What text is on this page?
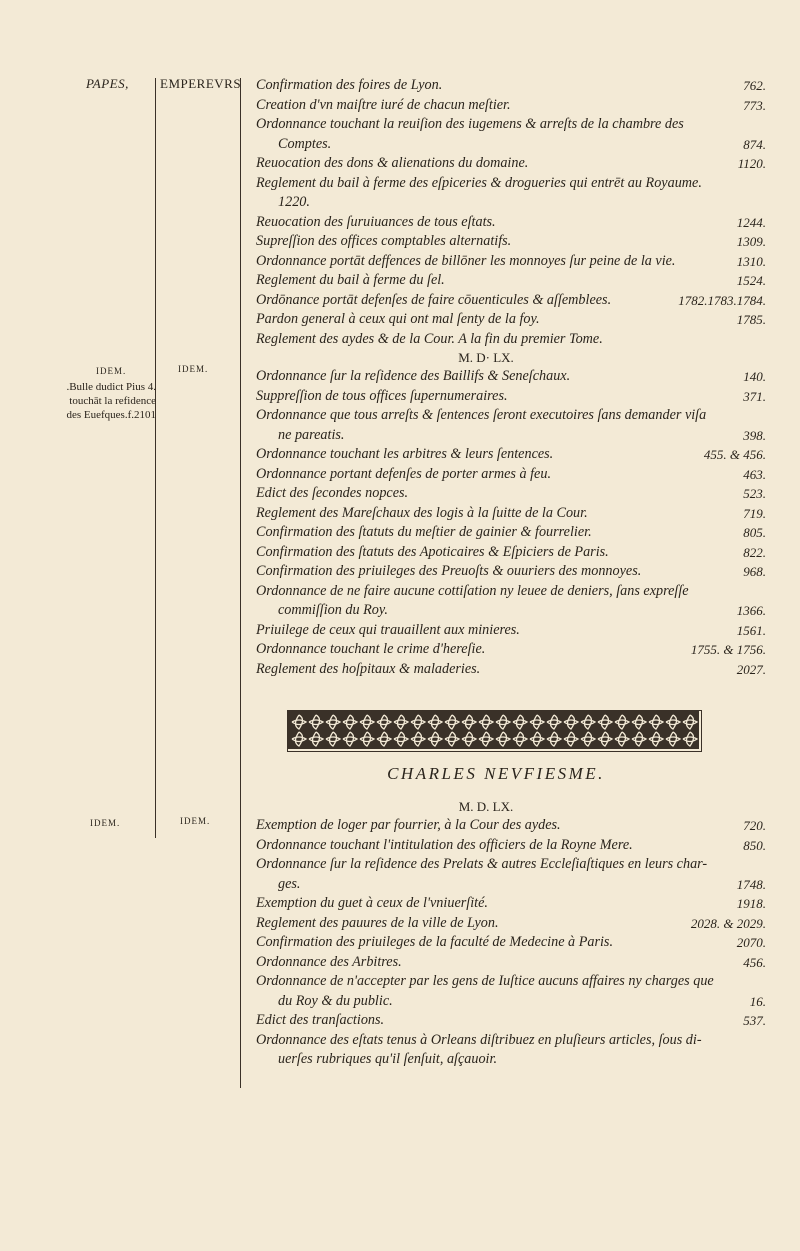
PAPES, EMPEREVRS
IDEM.	IDEM.
.Bulle dudict Pius 4. touchāt la refidence des Euefques.f.2101
IDEM.	IDEM.
Confirmation des foires de Lyon.	762.
Creation d'vn maiſtre iuré de chacun meſtier.	773.
Ordonnance touchant la reuiſion des iugemens & arreſts de la chambre des
Comptes.	874.
Reuocation des dons & alienations du domaine.	1120.
Reglement du bail à ferme des eſpiceries & drogueries qui entrēt au Royaume.
1220.
Reuocation des ſuruiuances de tous eſtats.	1244.
Supreſſion des offices comptables alternatifs.	1309.
Ordonnance portāt deffences de billōner les monnoyes ſur peine de la vie.	1310.
Reglement du bail à ferme du ſel.	1524.
Ordōnance portāt defenſes de faire cōuenticules & aſſemblees.	1782.1783.1784.
Pardon general à ceux qui ont mal ſenty de la foy.	1785.
Reglement des aydes & de la Cour. A la fin du premier Tome.
M. D· LX.
Ordonnance ſur la reſidence des Baillifs & Seneſchaux.	140.
Suppreſſion de tous offices ſupernumeraires.	371.
Ordonnance que tous arreſts & ſentences ſeront executoires ſans demander viſa
ne pareatis.	398.
Ordonnance touchant les arbitres & leurs ſentences.	455. & 456.
Ordonnance portant defenſes de porter armes à feu.	463.
Edict des ſecondes nopces.	523.
Reglement des Mareſchaux des logis à la ſuitte de la Cour.	719.
Confirmation des ſtatuts du meſtier de gainier & fourrelier.	805.
Confirmation des ſtatuts des Apoticaires & Eſpiciers de Paris.	822.
Confirmation des priuileges des Preuoſts & ouuriers des monnoyes.	968.
Ordonnance de ne faire aucune cottiſation ny leuee de deniers, ſans expreſſe
commiſſion du Roy.	1366.
Priuilege de ceux qui trauaillent aux minieres.	1561.
Ordonnance touchant le crime d'hereſie.	1755. & 1756.
Reglement des hoſpitaux & maladeries.	2027.
CHARLES NEVFIESME.
M. D. LX.
Exemption de loger par fourrier, à la Cour des aydes.	720.
Ordonnance touchant l'intitulation des officiers de la Royne Mere.	850.
Ordonnance ſur la reſidence des Prelats & autres Eccleſiaſtiques en leurs char-
ges.	1748.
Exemption du guet à ceux de l'vniuerſité.	1918.
Reglement des pauures de la ville de Lyon.	2028. & 2029.
Confirmation des priuileges de la faculté de Medecine à Paris.	2070.
Ordonnance des Arbitres.	456.
Ordonnance de n'accepter par les gens de Iuſtice aucuns affaires ny charges que
du Roy & du public.	16.
Edict des tranſactions.	537.
Ordonnance des eſtats tenus à Orleans diſtribuez en pluſieurs articles, ſous di-
uerſes rubriques qu'il ſenſuit, aſçauoir.
